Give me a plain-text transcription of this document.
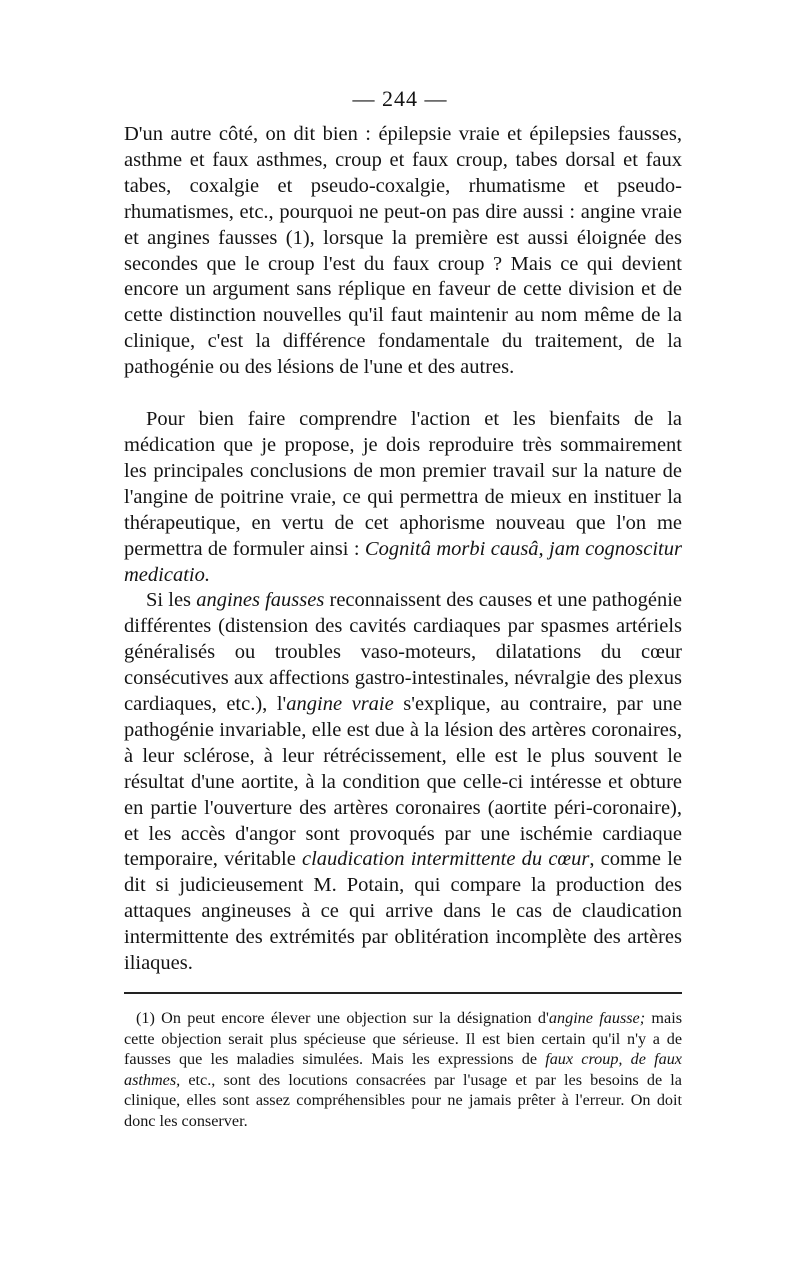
— 244 —

D'un autre côté, on dit bien : épilepsie vraie et épilepsies fausses, asthme et faux asthmes, croup et faux croup, tabes dorsal et faux tabes, coxalgie et pseudo-coxalgie, rhumatisme et pseudo-rhumatismes, etc., pourquoi ne peut-on pas dire aussi : angine vraie et angines fausses (1), lorsque la première est aussi éloignée des secondes que le croup l'est du faux croup ? Mais ce qui devient encore un argument sans réplique en faveur de cette division et de cette distinction nouvelles qu'il faut maintenir au nom même de la clinique, c'est la différence fondamentale du traitement, de la pathogénie ou des lésions de l'une et des autres.

Pour bien faire comprendre l'action et les bienfaits de la médication que je propose, je dois reproduire très sommairement les principales conclusions de mon premier travail sur la nature de l'angine de poitrine vraie, ce qui permettra de mieux en instituer la thérapeutique, en vertu de cet aphorisme nouveau que l'on me permettra de formuler ainsi : Cognitâ morbi causâ, jam cognoscitur medicatio.

Si les angines fausses reconnaissent des causes et une pathogénie différentes (distension des cavités cardiaques par spasmes artériels généralisés ou troubles vaso-moteurs, dilatations du cœur consécutives aux affections gastro-intestinales, névralgie des plexus cardiaques, etc.), l'angine vraie s'explique, au contraire, par une pathogénie invariable, elle est due à la lésion des artères coronaires, à leur sclérose, à leur rétrécissement, elle est le plus souvent le résultat d'une aortite, à la condition que celle-ci intéresse et obture en partie l'ouverture des artères coronaires (aortite péri-coronaire), et les accès d'angor sont provoqués par une ischémie cardiaque temporaire, véritable claudication intermittente du cœur, comme le dit si judicieusement M. Potain, qui compare la production des attaques angineuses à ce qui arrive dans le cas de claudication intermittente des extrémités par oblitération incomplète des artères iliaques.

(1) On peut encore élever une objection sur la désignation d'angine fausse; mais cette objection serait plus spécieuse que sérieuse. Il est bien certain qu'il n'y a de fausses que les maladies simulées. Mais les expressions de faux croup, de faux asthmes, etc., sont des locutions consacrées par l'usage et par les besoins de la clinique, elles sont assez compréhensibles pour ne jamais prêter à l'erreur. On doit donc les conserver.
